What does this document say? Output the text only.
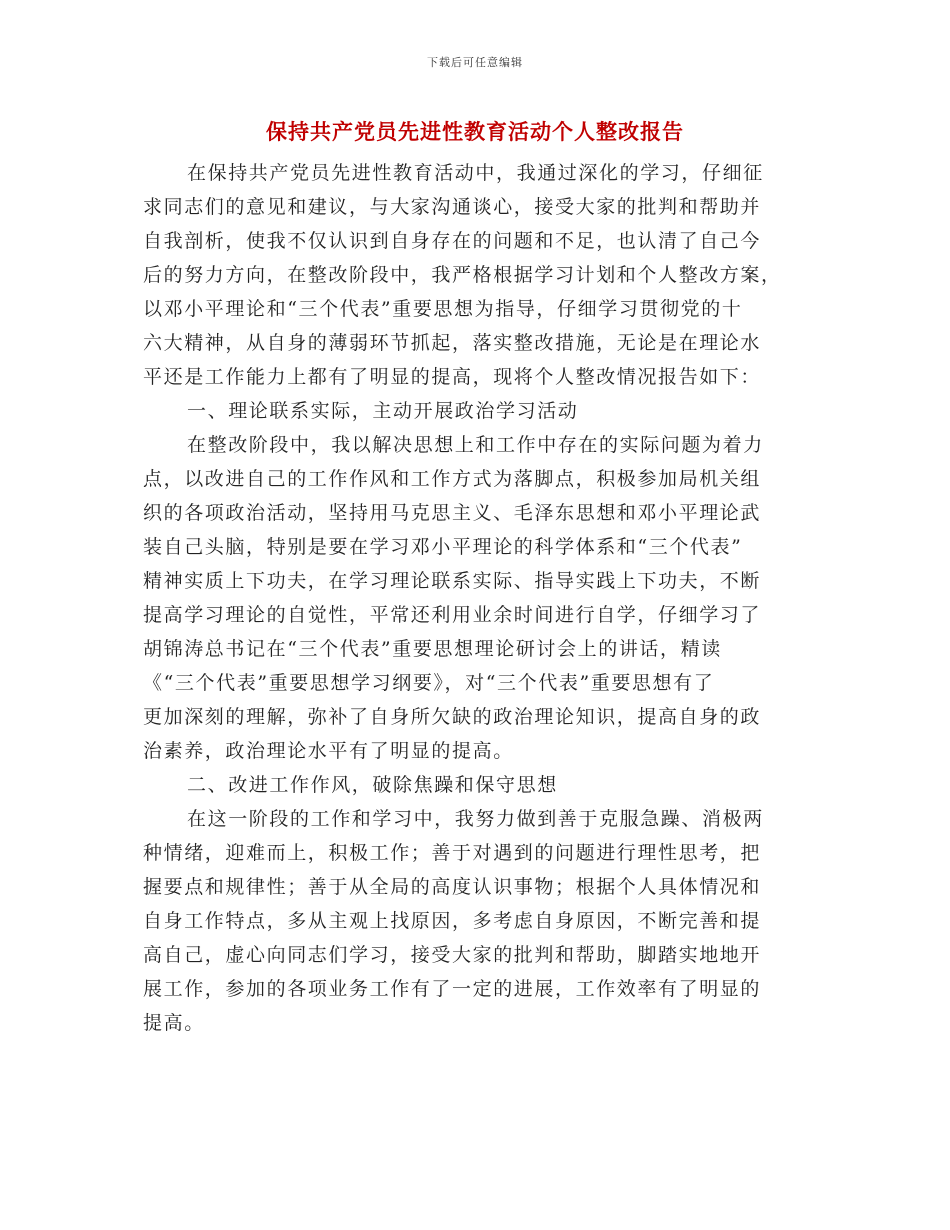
下载后可任意编辑
保持共产党员先进性教育活动个人整改报告

在保持共产党员先进性教育活动中，我通过深化的学习，仔细征
求同志们的意见和建议，与大家沟通谈心，接受大家的批判和帮助并
自我剖析，使我不仅认识到自身存在的问题和不足，也认清了自己今
后的努力方向，在整改阶段中，我严格根据学习计划和个人整改方案，
以邓小平理论和“三个代表”重要思想为指导，仔细学习贯彻党的十
六大精神，从自身的薄弱环节抓起，落实整改措施，无论是在理论水
平还是工作能力上都有了明显的提高，现将个人整改情况报告如下：

一、理论联系实际，主动开展政治学习活动

在整改阶段中，我以解决思想上和工作中存在的实际问题为着力
点，以改进自己的工作作风和工作方式为落脚点，积极参加局机关组
织的各项政治活动，坚持用马克思主义、毛泽东思想和邓小平理论武
装自己头脑，特别是要在学习邓小平理论的科学体系和“三个代表”
精神实质上下功夫，在学习理论联系实际、指导实践上下功夫，不断
提高学习理论的自觉性，平常还利用业余时间进行自学，仔细学习了
胡锦涛总书记在“三个代表”重要思想理论研讨会上的讲话，精读
《“三个代表”重要思想学习纲要》，对“三个代表”重要思想有了
更加深刻的理解，弥补了自身所欠缺的政治理论知识，提高自身的政
治素养，政治理论水平有了明显的提高。

二、改进工作作风，破除焦躁和保守思想

在这一阶段的工作和学习中，我努力做到善于克服急躁、消极两
种情绪，迎难而上，积极工作；善于对遇到的问题进行理性思考，把
握要点和规律性；善于从全局的高度认识事物；根据个人具体情况和
自身工作特点，多从主观上找原因，多考虑自身原因，不断完善和提
高自己，虚心向同志们学习，接受大家的批判和帮助，脚踏实地地开
展工作，参加的各项业务工作有了一定的进展，工作效率有了明显的
提高。
